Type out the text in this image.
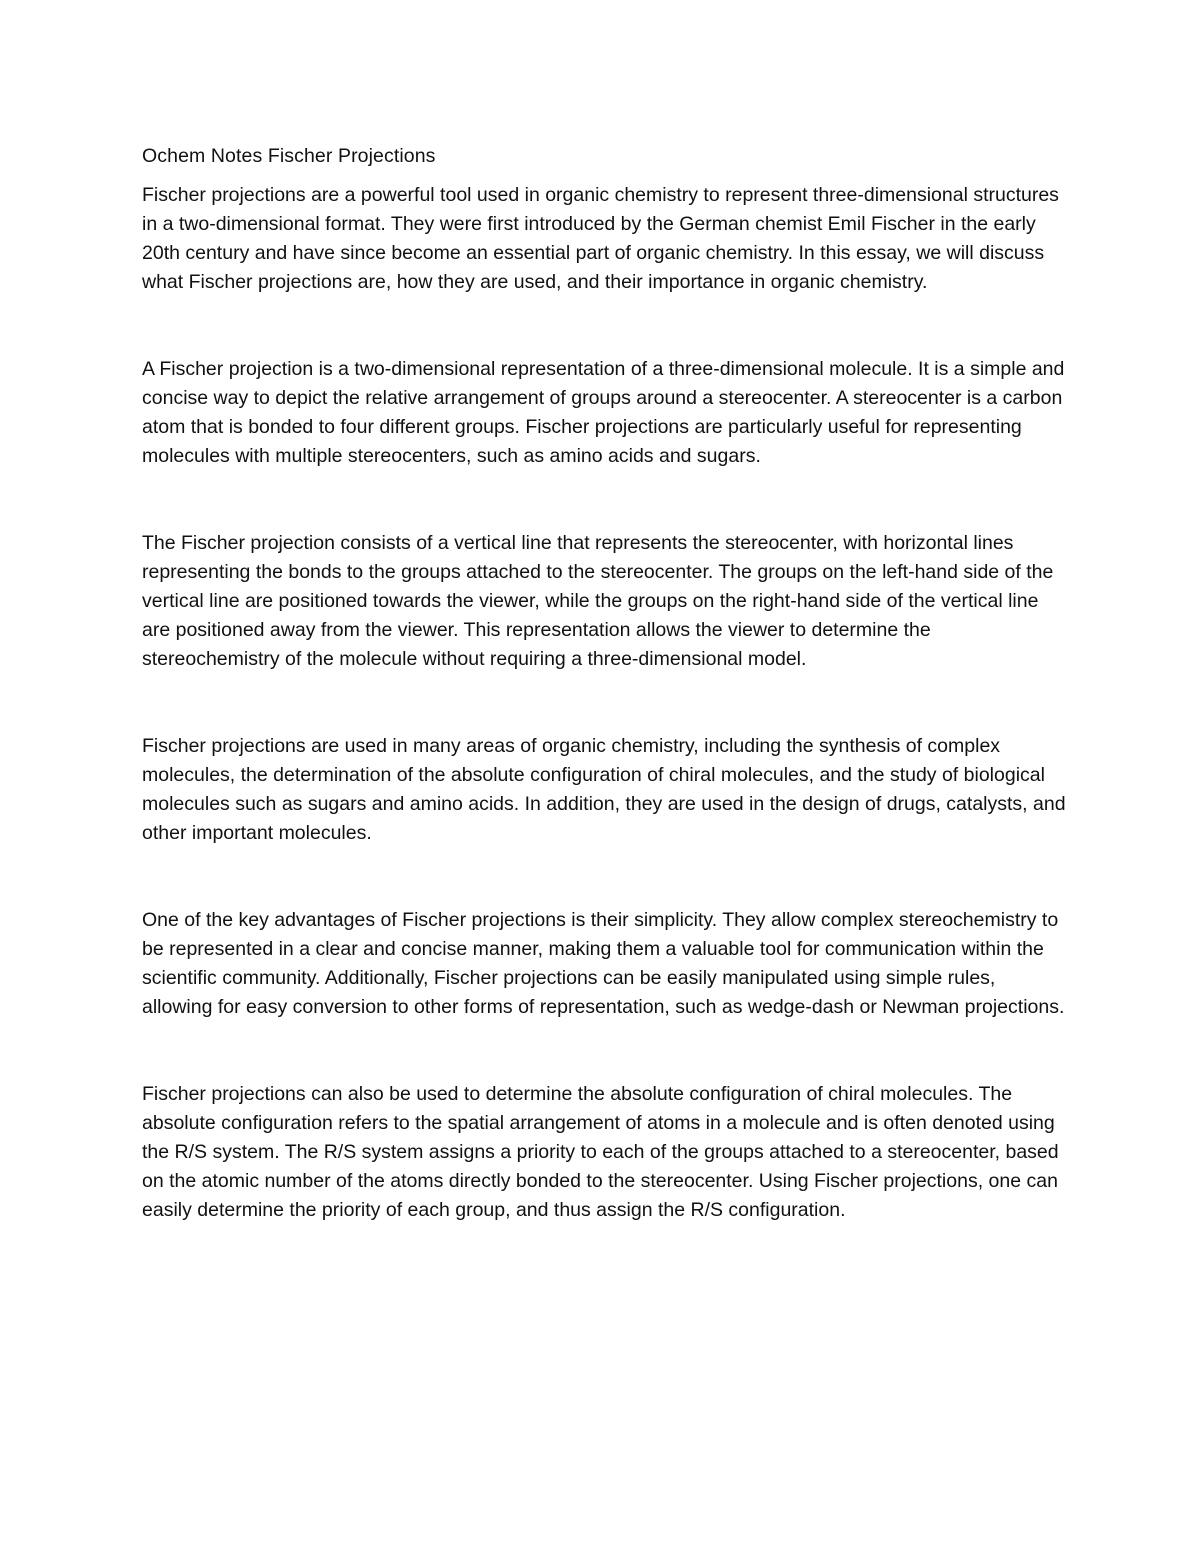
Ochem Notes Fischer Projections

Fischer projections are a powerful tool used in organic chemistry to represent three-dimensional structures in a two-dimensional format. They were first introduced by the German chemist Emil Fischer in the early 20th century and have since become an essential part of organic chemistry. In this essay, we will discuss what Fischer projections are, how they are used, and their importance in organic chemistry.

A Fischer projection is a two-dimensional representation of a three-dimensional molecule. It is a simple and concise way to depict the relative arrangement of groups around a stereocenter. A stereocenter is a carbon atom that is bonded to four different groups. Fischer projections are particularly useful for representing molecules with multiple stereocenters, such as amino acids and sugars.

The Fischer projection consists of a vertical line that represents the stereocenter, with horizontal lines representing the bonds to the groups attached to the stereocenter. The groups on the left-hand side of the vertical line are positioned towards the viewer, while the groups on the right-hand side of the vertical line are positioned away from the viewer. This representation allows the viewer to determine the stereochemistry of the molecule without requiring a three-dimensional model.

Fischer projections are used in many areas of organic chemistry, including the synthesis of complex molecules, the determination of the absolute configuration of chiral molecules, and the study of biological molecules such as sugars and amino acids. In addition, they are used in the design of drugs, catalysts, and other important molecules.

One of the key advantages of Fischer projections is their simplicity. They allow complex stereochemistry to be represented in a clear and concise manner, making them a valuable tool for communication within the scientific community. Additionally, Fischer projections can be easily manipulated using simple rules, allowing for easy conversion to other forms of representation, such as wedge-dash or Newman projections.

Fischer projections can also be used to determine the absolute configuration of chiral molecules. The absolute configuration refers to the spatial arrangement of atoms in a molecule and is often denoted using the R/S system. The R/S system assigns a priority to each of the groups attached to a stereocenter, based on the atomic number of the atoms directly bonded to the stereocenter. Using Fischer projections, one can easily determine the priority of each group, and thus assign the R/S configuration.
